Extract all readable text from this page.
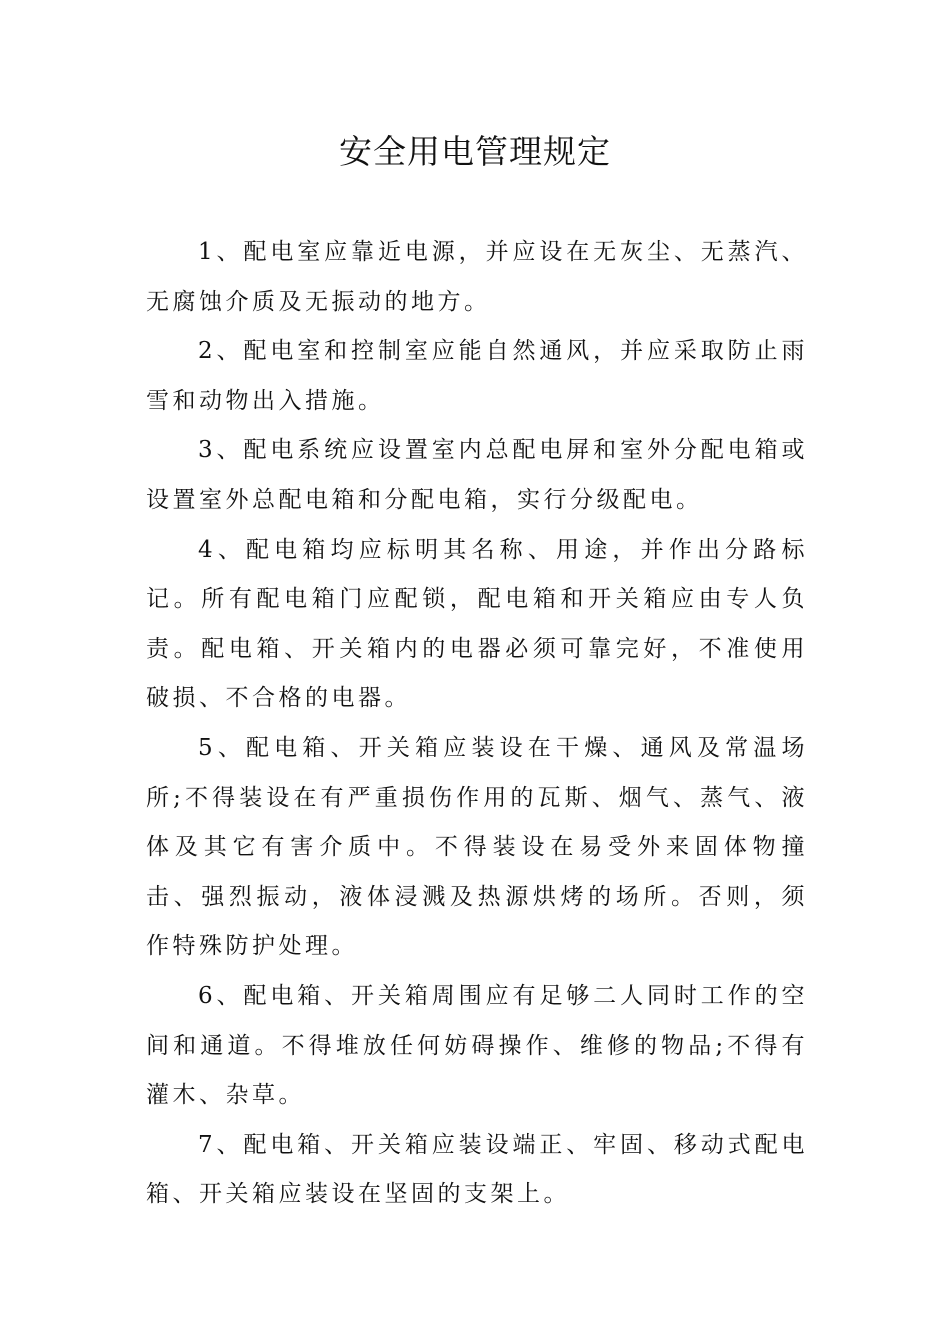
安全用电管理规定

1、配电室应靠近电源，并应设在无灰尘、无蒸汽、无腐蚀介质及无振动的地方。

2、配电室和控制室应能自然通风，并应采取防止雨雪和动物出入措施。

3、配电系统应设置室内总配电屏和室外分配电箱或设置室外总配电箱和分配电箱，实行分级配电。

4、配电箱均应标明其名称、用途，并作出分路标记。所有配电箱门应配锁，配电箱和开关箱应由专人负责。配电箱、开关箱内的电器必须可靠完好，不准使用破损、不合格的电器。

5、配电箱、开关箱应装设在干燥、通风及常温场所;不得装设在有严重损伤作用的瓦斯、烟气、蒸气、液体及其它有害介质中。不得装设在易受外来固体物撞击、强烈振动，液体浸溅及热源烘烤的场所。否则，须作特殊防护处理。

6、配电箱、开关箱周围应有足够二人同时工作的空间和通道。不得堆放任何妨碍操作、维修的物品;不得有灌木、杂草。

7、配电箱、开关箱应装设端正、牢固、移动式配电箱、开关箱应装设在坚固的支架上。
